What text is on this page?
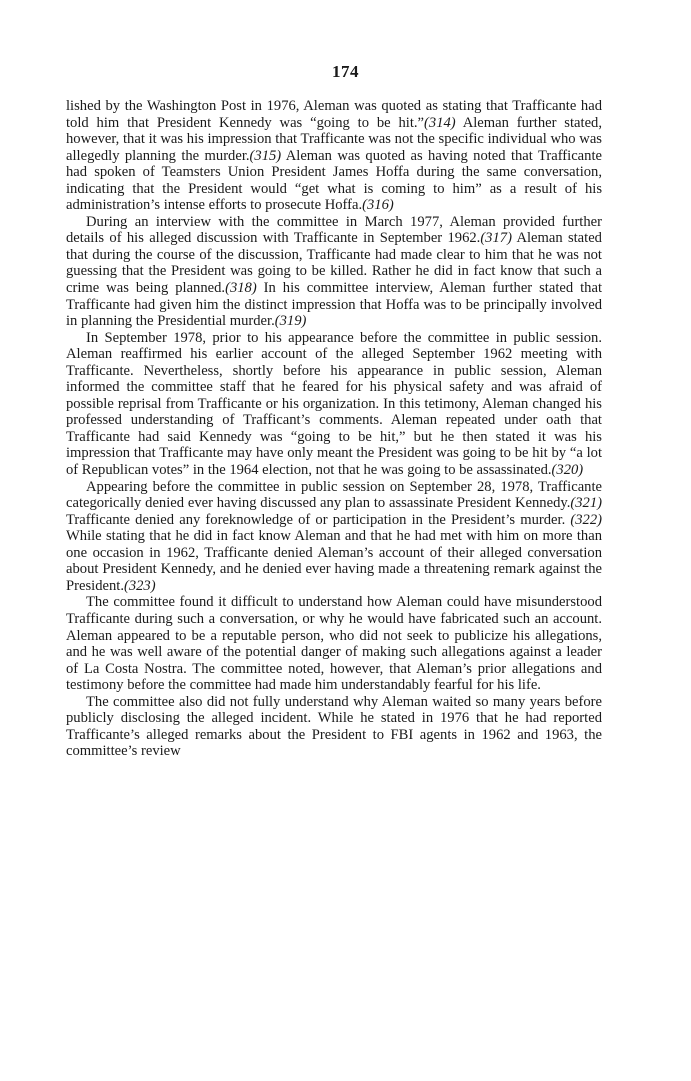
174

lished by the Washington Post in 1976, Aleman was quoted as stating that Trafficante had told him that President Kennedy was “going to be hit.”(314) Aleman further stated, however, that it was his impression that Trafficante was not the specific individual who was allegedly planning the murder.(315) Aleman was quoted as having noted that Trafficante had spoken of Teamsters Union President James Hoffa during the same conversation, indicating that the President would “get what is coming to him” as a result of his administration’s intense efforts to prosecute Hoffa.(316)

During an interview with the committee in March 1977, Aleman provided further details of his alleged discussion with Trafficante in September 1962.(317) Aleman stated that during the course of the discussion, Trafficante had made clear to him that he was not guessing that the President was going to be killed. Rather he did in fact know that such a crime was being planned.(318) In his committee interview, Aleman further stated that Trafficante had given him the distinct impression that Hoffa was to be principally involved in planning the Presidential murder.(319)

In September 1978, prior to his appearance before the committee in public session. Aleman reaffirmed his earlier account of the alleged September 1962 meeting with Trafficante. Nevertheless, shortly before his appearance in public session, Aleman informed the committee staff that he feared for his physical safety and was afraid of possible reprisal from Trafficante or his organization. In this tetimony, Aleman changed his professed understanding of Trafficant’s comments. Aleman repeated under oath that Trafficante had said Kennedy was “going to be hit,” but he then stated it was his impression that Trafficante may have only meant the President was going to be hit by “a lot of Republican votes” in the 1964 election, not that he was going to be assassinated.(320)

Appearing before the committee in public session on September 28, 1978, Trafficante categorically denied ever having discussed any plan to assassinate President Kennedy.(321) Trafficante denied any foreknowledge of or participation in the President’s murder. (322) While stating that he did in fact know Aleman and that he had met with him on more than one occasion in 1962, Trafficante denied Aleman’s account of their alleged conversation about President Kennedy, and he denied ever having made a threatening remark against the President.(323)

The committee found it difficult to understand how Aleman could have misunderstood Trafficante during such a conversation, or why he would have fabricated such an account. Aleman appeared to be a reputable person, who did not seek to publicize his allegations, and he was well aware of the potential danger of making such allegations against a leader of La Costa Nostra. The committee noted, however, that Aleman’s prior allegations and testimony before the committee had made him understandably fearful for his life.

The committee also did not fully understand why Aleman waited so many years before publicly disclosing the alleged incident. While he stated in 1976 that he had reported Trafficante’s alleged remarks about the President to FBI agents in 1962 and 1963, the committee’s review
